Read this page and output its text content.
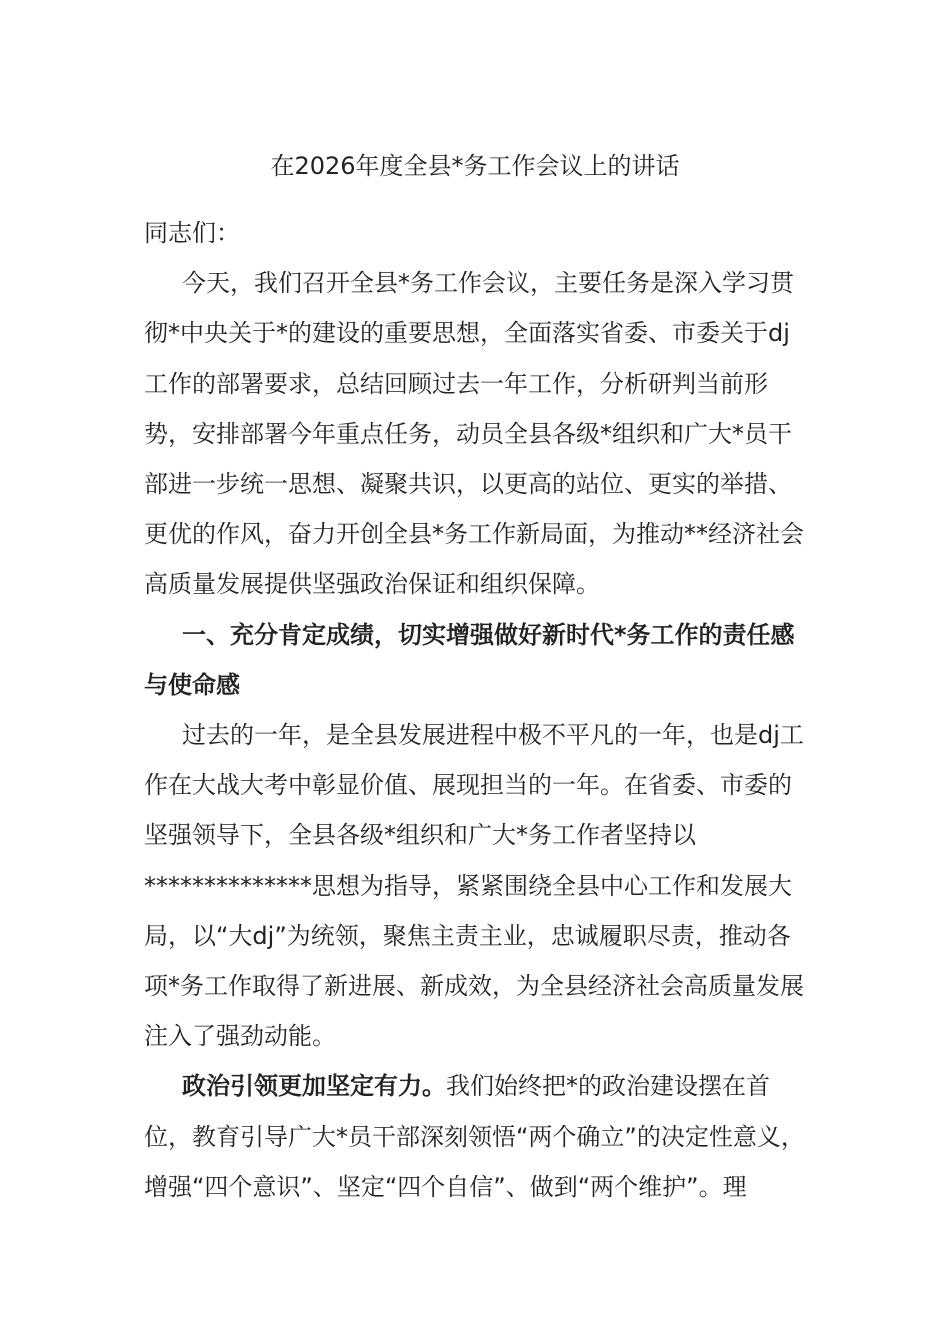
在2026年度全县*务工作会议上的讲话

同志们：

今天，我们召开全县*务工作会议，主要任务是深入学习贯彻*中央关于*的建设的重要思想，全面落实省委、市委关于dj工作的部署要求，总结回顾过去一年工作，分析研判当前形势，安排部署今年重点任务，动员全县各级*组织和广大*员干部进一步统一思想、凝聚共识，以更高的站位、更实的举措、更优的作风，奋力开创全县*务工作新局面，为推动**经济社会高质量发展提供坚强政治保证和组织保障。

一、充分肯定成绩，切实增强做好新时代*务工作的责任感与使命感

过去的一年，是全县发展进程中极不平凡的一年，也是dj工作在大战大考中彰显价值、展现担当的一年。在省委、市委的坚强领导下，全县各级*组织和广大*务工作者坚持以**************思想为指导，紧紧围绕全县中心工作和发展大局，以“大dj”为统领，聚焦主责主业，忠诚履职尽责，推动各项*务工作取得了新进展、新成效，为全县经济社会高质量发展注入了强劲动能。

政治引领更加坚定有力。我们始终把*的政治建设摆在首位，教育引导广大*员干部深刻领悟“两个确立”的决定性意义，增强“四个意识”、坚定“四个自信”、做到“两个维护”。理
